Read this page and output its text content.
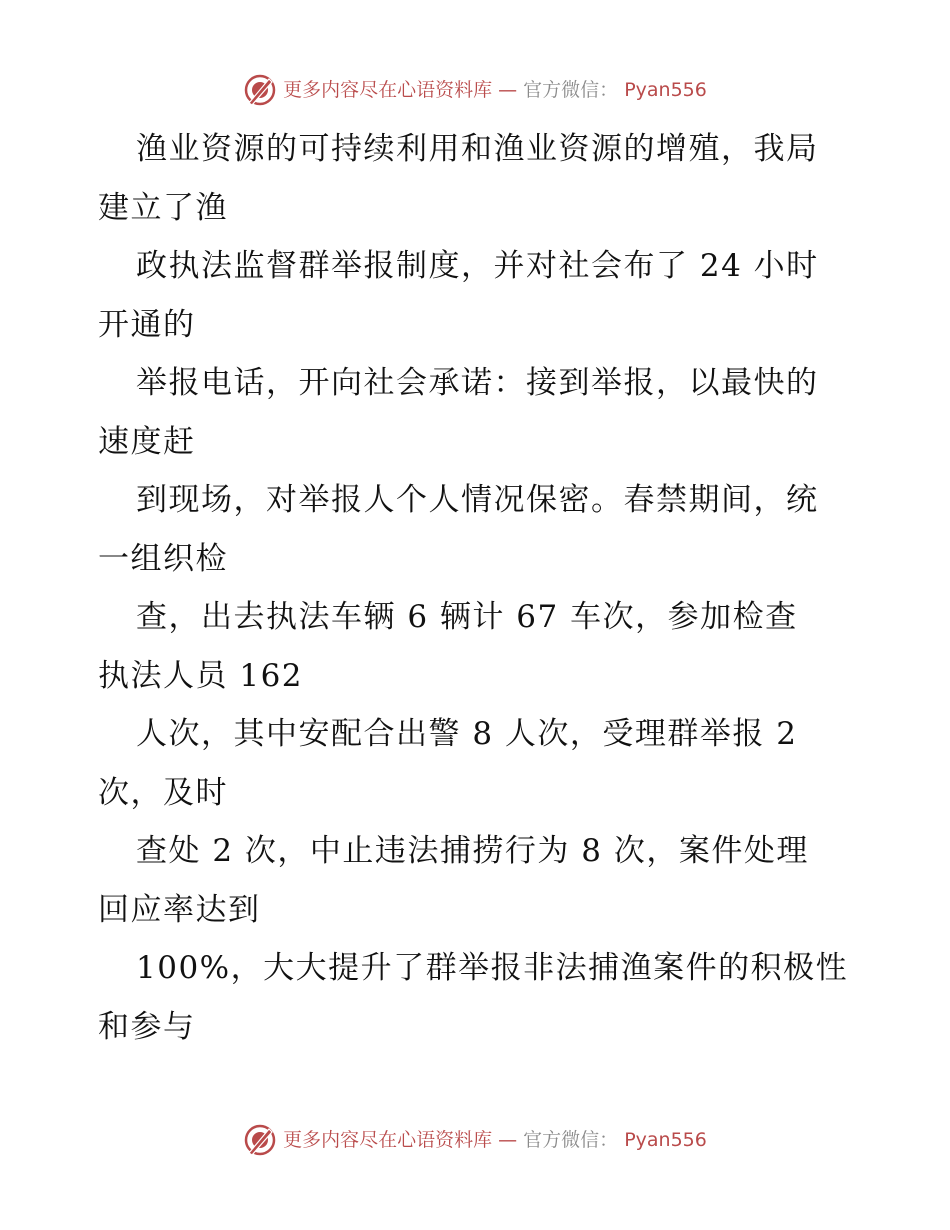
更多内容尽在心语资料库 — 官方微信： Pyan556

渔业资源的可持续利用和渔业资源的增殖，我局
建立了渔

政执法监督群举报制度，并对社会布了 24 小时
开通的

举报电话，开向社会承诺：接到举报，以最快的
速度赶

到现场，对举报人个人情况保密。春禁期间，统
一组织检

查，出去执法车辆 6 辆计 67 车次，参加检查
执法人员 162

人次，其中安配合出警 8 人次，受理群举报 2
次，及时

查处 2 次，中止违法捕捞行为 8 次，案件处理
回应率达到

100%，大大提升了群举报非法捕渔案件的积极性
和参与

更多内容尽在心语资料库 — 官方微信： Pyan556
